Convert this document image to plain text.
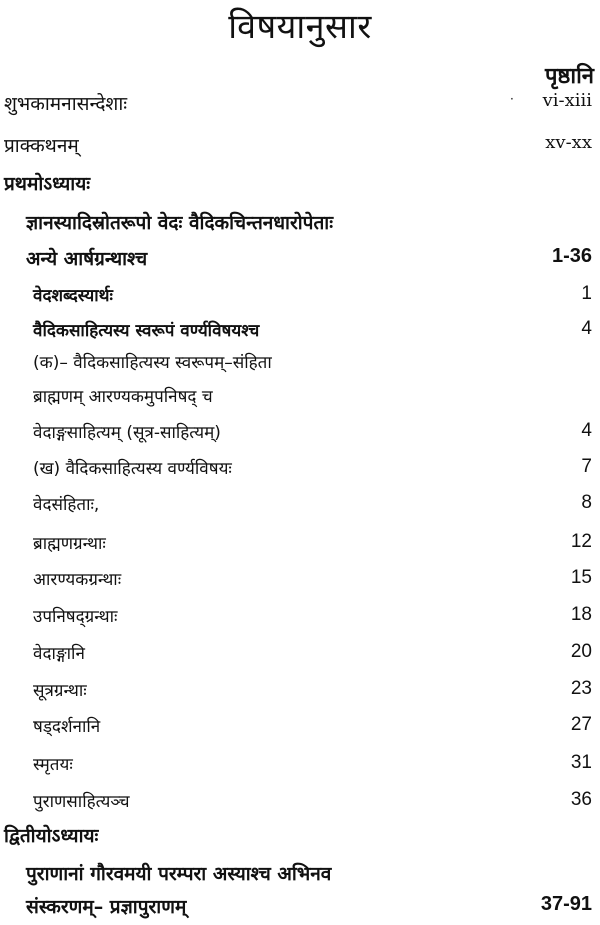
विषयानुसार
पृष्ठानि
·
शुभकामनासन्देशाः	vi-xiii
प्राक्कथनम्	xv-xx
प्रथमोऽध्यायः
ज्ञानस्यादिस्रोतरूपो वेदः वैदिकचिन्तनधारोपेताः
अन्ये आर्षग्रन्थाश्च	1-36
वेदशब्दस्यार्थः	1
वैदिकसाहित्यस्य स्वरूपं वर्ण्यविषयश्च	4
(क)– वैदिकसाहित्यस्य स्वरूपम्–संहिता
ब्राह्मणम् आरण्यकमुपनिषद् च
वेदाङ्गसाहित्यम् (सूत्र-साहित्यम्)	4
(ख) वैदिकसाहित्यस्य वर्ण्यविषयः	7
वेदसंहिताः,	8
ब्राह्मणग्रन्थाः	12
आरण्यकग्रन्थाः	15
उपनिषद्ग्रन्थाः	18
वेदाङ्गानि	20
सूत्रग्रन्थाः	23
षड्दर्शनानि	27
स्मृतयः	31
पुराणसाहित्यञ्च	36
द्वितीयोऽध्यायः
पुराणानां गौरवमयी परम्परा अस्याश्च अभिनव
संस्करणम्– प्रज्ञापुराणम्	37-91
